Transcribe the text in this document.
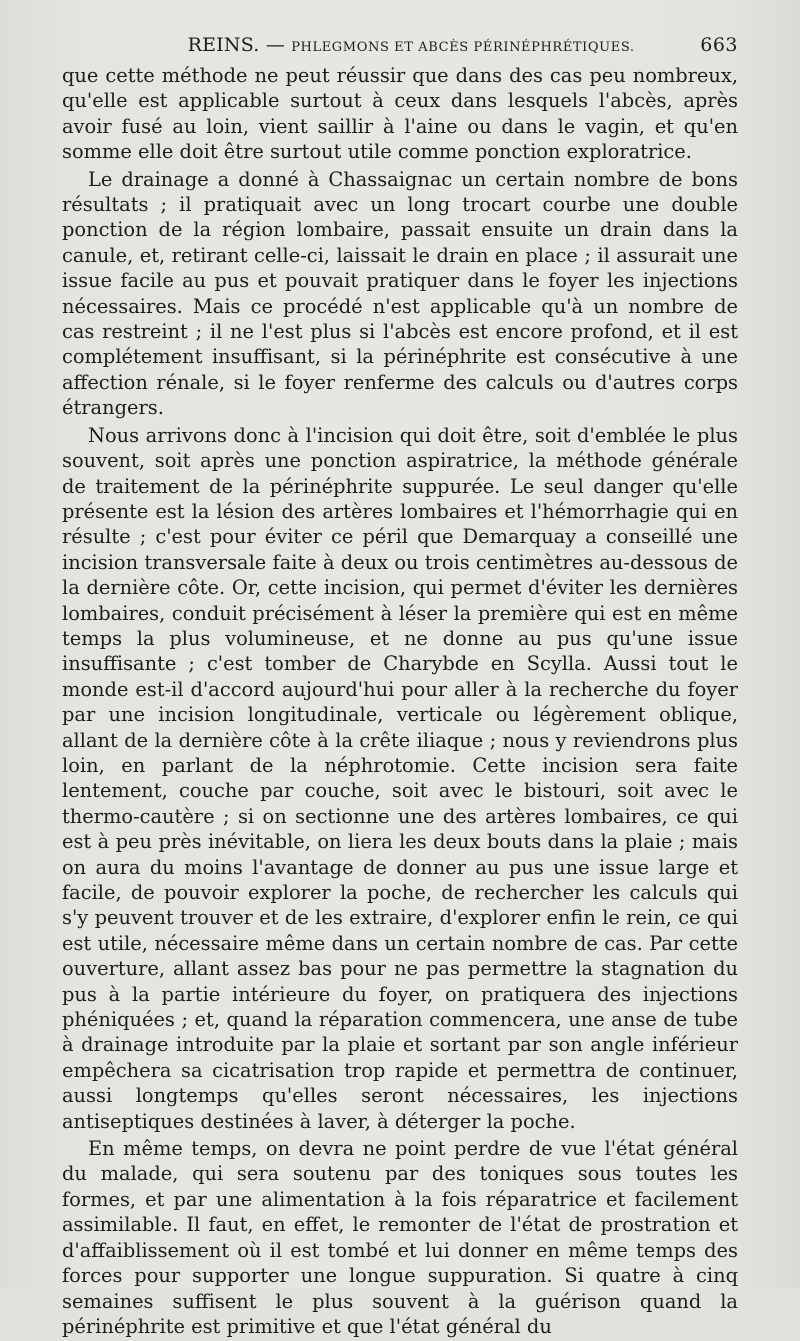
REINS. — PHLEGMONS ET ABCÈS PÉRINÉPHRÉTIQUES.	663

que cette méthode ne peut réussir que dans des cas peu nombreux, qu'elle est applicable surtout à ceux dans lesquels l'abcès, après avoir fusé au loin, vient saillir à l'aine ou dans le vagin, et qu'en somme elle doit être surtout utile comme ponction exploratrice.

Le drainage a donné à Chassaignac un certain nombre de bons résultats ; il pratiquait avec un long trocart courbe une double ponction de la région lombaire, passait ensuite un drain dans la canule, et, retirant celle-ci, laissait le drain en place ; il assurait une issue facile au pus et pouvait pratiquer dans le foyer les injections nécessaires. Mais ce procédé n'est applicable qu'à un nombre de cas restreint ; il ne l'est plus si l'abcès est encore profond, et il est complétement insuffisant, si la périnéphrite est consécutive à une affection rénale, si le foyer renferme des calculs ou d'autres corps étrangers.

Nous arrivons donc à l'incision qui doit être, soit d'emblée le plus souvent, soit après une ponction aspiratrice, la méthode générale de traitement de la périnéphrite suppurée. Le seul danger qu'elle présente est la lésion des artères lombaires et l'hémorrhagie qui en résulte ; c'est pour éviter ce péril que Demarquay a conseillé une incision transversale faite à deux ou trois centimètres au-dessous de la dernière côte. Or, cette incision, qui permet d'éviter les dernières lombaires, conduit précisément à léser la première qui est en même temps la plus volumineuse, et ne donne au pus qu'une issue insuffisante ; c'est tomber de Charybde en Scylla. Aussi tout le monde est-il d'accord aujourd'hui pour aller à la recherche du foyer par une incision longitudinale, verticale ou légèrement oblique, allant de la dernière côte à la crête iliaque ; nous y reviendrons plus loin, en parlant de la néphrotomie. Cette incision sera faite lentement, couche par couche, soit avec le bistouri, soit avec le thermo-cautère ; si on sectionne une des artères lombaires, ce qui est à peu près inévitable, on liera les deux bouts dans la plaie ; mais on aura du moins l'avantage de donner au pus une issue large et facile, de pouvoir explorer la poche, de rechercher les calculs qui s'y peuvent trouver et de les extraire, d'explorer enfin le rein, ce qui est utile, nécessaire même dans un certain nombre de cas. Par cette ouverture, allant assez bas pour ne pas permettre la stagnation du pus à la partie intérieure du foyer, on pratiquera des injections phéniquées ; et, quand la réparation commencera, une anse de tube à drainage introduite par la plaie et sortant par son angle inférieur empêchera sa cicatrisation trop rapide et permettra de continuer, aussi longtemps qu'elles seront nécessaires, les injections antiseptiques destinées à laver, à déterger la poche.

En même temps, on devra ne point perdre de vue l'état général du malade, qui sera soutenu par des toniques sous toutes les formes, et par une alimentation à la fois réparatrice et facilement assimilable. Il faut, en effet, le remonter de l'état de prostration et d'affaiblissement où il est tombé et lui donner en même temps des forces pour supporter une longue suppuration. Si quatre à cinq semaines suffisent le plus souvent à la guérison quand la périnéphrite est primitive et que l'état général du
